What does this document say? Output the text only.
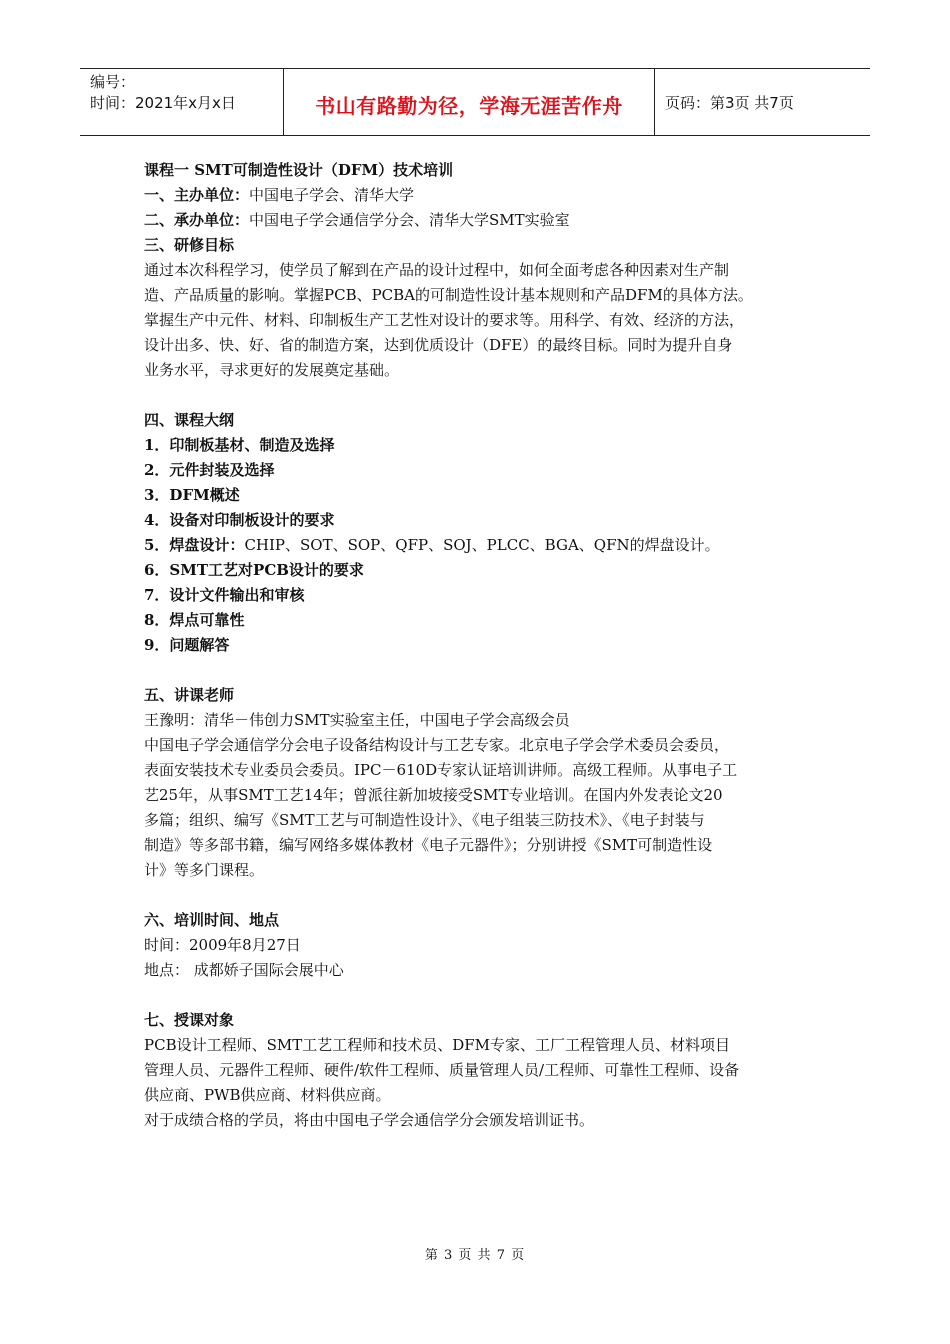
编号：
时间：2021年x月x日	书山有路勤为径，学海无涯苦作舟	页码：第3页 共7页

课程一 SMT可制造性设计（DFM）技术培训

一、主办单位：中国电子学会、清华大学

二、承办单位：中国电子学会通信学分会、清华大学SMT实验室

三、研修目标

通过本次科程学习，使学员了解到在产品的设计过程中，如何全面考虑各种因素对生产制

造、产品质量的影响。掌握PCB、PCBA的可制造性设计基本规则和产品DFM的具体方法。

掌握生产中元件、材料、印制板生产工艺性对设计的要求等。用科学、有效、经济的方法，

设计出多、快、好、省的制造方案，达到优质设计（DFE）的最终目标。同时为提升自身

业务水平，寻求更好的发展奠定基础。

四、课程大纲

1．印制板基材、制造及选择

2．元件封装及选择

3．DFM概述

4．设备对印制板设计的要求

5．焊盘设计：CHIP、SOT、SOP、QFP、SOJ、PLCC、BGA、QFN的焊盘设计。

6．SMT工艺对PCB设计的要求

7．设计文件输出和审核

8．焊点可靠性

9．问题解答

五、讲课老师

王豫明：清华－伟创力SMT实验室主任，中国电子学会高级会员

中国电子学会通信学分会电子设备结构设计与工艺专家。北京电子学会学术委员会委员，

表面安装技术专业委员会委员。IPC－610D专家认证培训讲师。高级工程师。从事电子工

艺25年，从事SMT工艺14年；曾派往新加坡接受SMT专业培训。在国内外发表论文20

多篇；组织、编写《SMT工艺与可制造性设计》、《电子组装三防技术》、《电子封装与

制造》等多部书籍，编写网络多媒体教材《电子元器件》；分别讲授《SMT可制造性设

计》等多门课程。

六、培训时间、地点

时间：2009年8月27日

地点： 成都娇子国际会展中心

七、授课对象

PCB设计工程师、SMT工艺工程师和技术员、DFM专家、工厂工程管理人员、材料项目

管理人员、元器件工程师、硬件/软件工程师、质量管理人员/工程师、可靠性工程师、设备

供应商、PWB供应商、材料供应商。

对于成绩合格的学员，将由中国电子学会通信学分会颁发培训证书。

第 3 页 共 7 页
